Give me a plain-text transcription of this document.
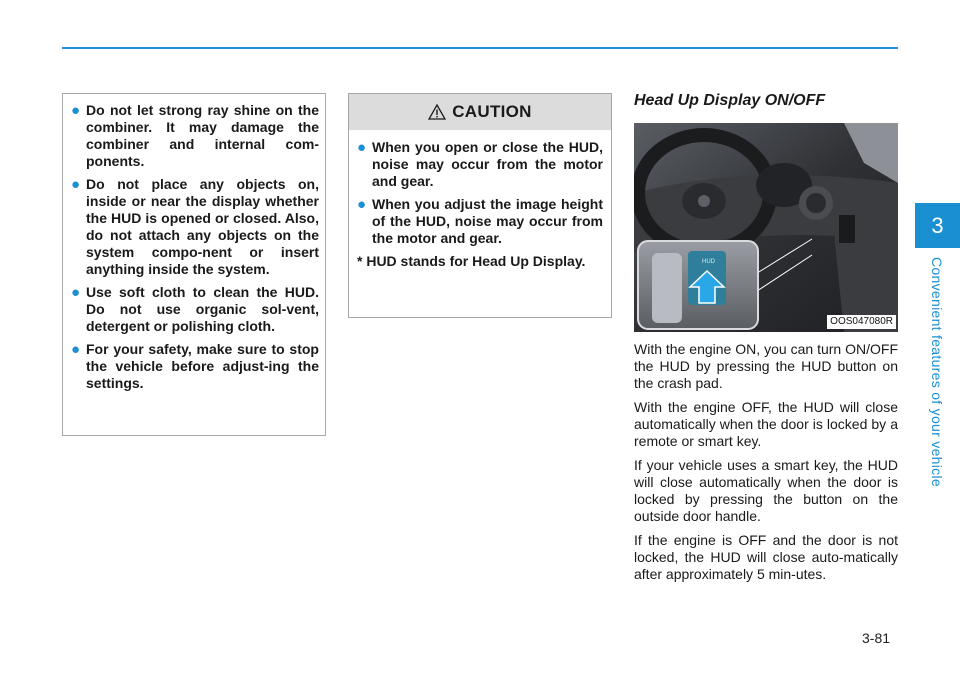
● Do not let strong ray shine on the combiner. It may damage the combiner and internal com-ponents.
● Do not place any objects on, inside or near the display whether the HUD is opened or closed. Also, do not attach any objects on the system compo-nent or insert anything inside the system.
● Use soft cloth to clean the HUD. Do not use organic sol-vent, detergent or polishing cloth.
● For your safety, make sure to stop the vehicle before adjust-ing the settings.
CAUTION
● When you open or close the HUD, noise may occur from the motor and gear.
● When you adjust the image height of the HUD, noise may occur from the motor and gear.

* HUD stands for Head Up Display.

Head Up Display ON/OFF
HUD
OOS047080R

With the engine ON, you can turn ON/OFF the HUD by pressing the HUD button on the crash pad.

With the engine OFF, the HUD will close automatically when the door is locked by a remote or smart key.

If your vehicle uses a smart key, the HUD will close automatically when the door is locked by pressing the button on the outside door handle.

If the engine is OFF and the door is not locked, the HUD will close auto-matically after approximately 5 min-utes.

3
Convenient features of your vehicle
3-81
